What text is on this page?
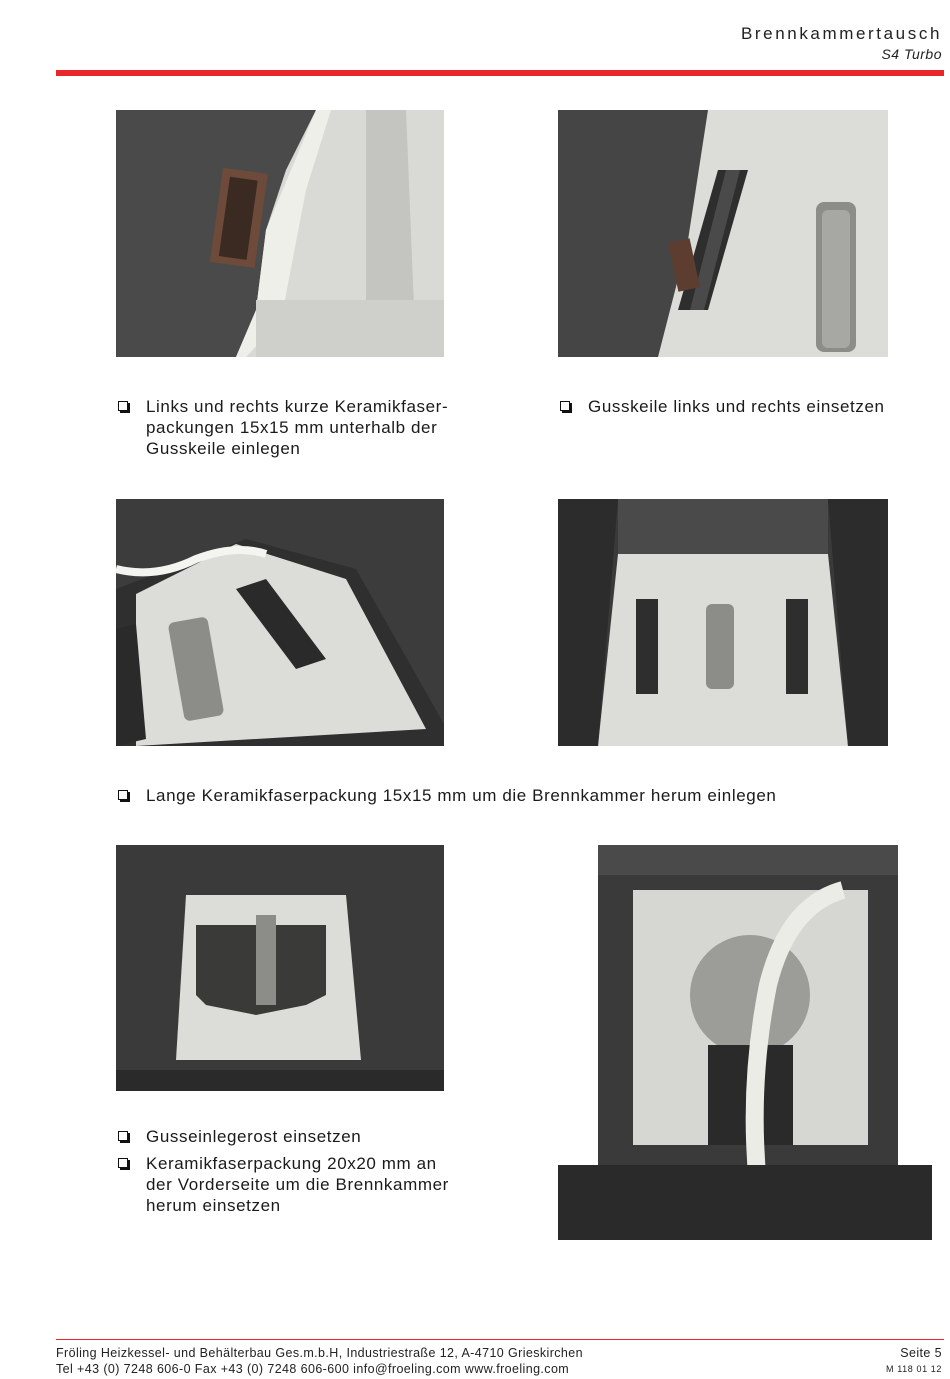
Brennkammertausch
S4 Turbo
Links und rechts kurze Keramikfaser-
packungen 15x15 mm unterhalb der
Gusskeile einlegen
Gusskeile links und rechts einsetzen
Lange Keramikfaserpackung 15x15 mm um die Brennkammer herum einlegen
Gusseinlegerost einsetzen
Keramikfaserpackung 20x20 mm an
der Vorderseite um die Brennkammer
herum einsetzen
Fröling Heizkessel- und Behälterbau Ges.m.b.H, Industriestraße 12, A-4710 Grieskirchen
Tel +43 (0) 7248 606-0 Fax +43 (0) 7248 606-600 info@froeling.com www.froeling.com
Seite 5
M 118 01 12
